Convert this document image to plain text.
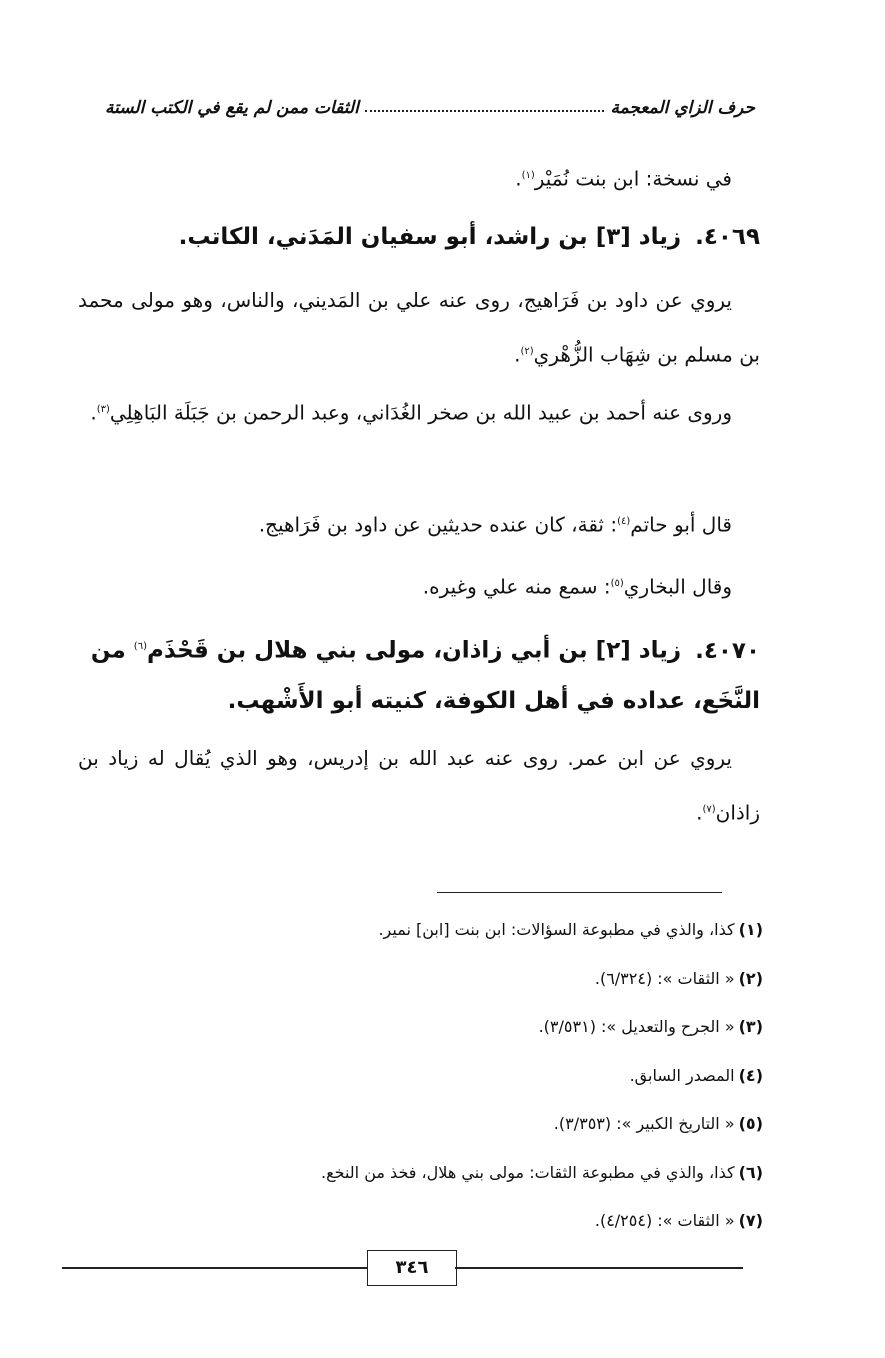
حرف الزاي المعجمة
الثقات ممن لم يقع في الكتب الستة
في نسخة: ابن بنت نُمَيْر$^{(١)}$.
٤٠٦٩.زياد [٣] بن راشد، أبو سفيان المَدَني، الكاتب.
يروي عن داود بن فَرَاهيج، روى عنه علي بن المَديني، والناس، وهو مولى محمد بن مسلم بن شِهَاب الزُّهْري$^{(٢)}$.
وروى عنه أحمد بن عبيد الله بن صخر الغُدَاني، وعبد الرحمن بن جَبَلَة البَاهِلِي$^{(٣)}$.
قال أبو حاتم$^{(٤)}$: ثقة، كان عنده حديثين عن داود بن فَرَاهيج.
وقال البخاري$^{(٥)}$: سمع منه علي وغيره.
٤٠٧٠.زياد [٢] بن أبي زاذان، مولى بني هلال بن قَحْذَم$^{(٦)}$ من النَّخَع، عداده في أهل الكوفة، كنيته أبو الأَشْهب.
يروي عن ابن عمر. روى عنه عبد الله بن إدريس، وهو الذي يُقال له زياد بن زاذان$^{(٧)}$.
(١)كذا، والذي في مطبوعة السؤالات: ابن بنت [ابن] نمير.
(٢)« الثقات »: (٦/٣٢٤).
(٣)« الجرح والتعديل »: (٣/٥٣١).
(٤)المصدر السابق.
(٥)« التاريخ الكبير »: (٣/٣٥٣).
(٦)كذا، والذي في مطبوعة الثقات: مولى بني هلال، فخذ من النخع.
(٧)« الثقات »: (٤/٢٥٤).
٣٤٦
